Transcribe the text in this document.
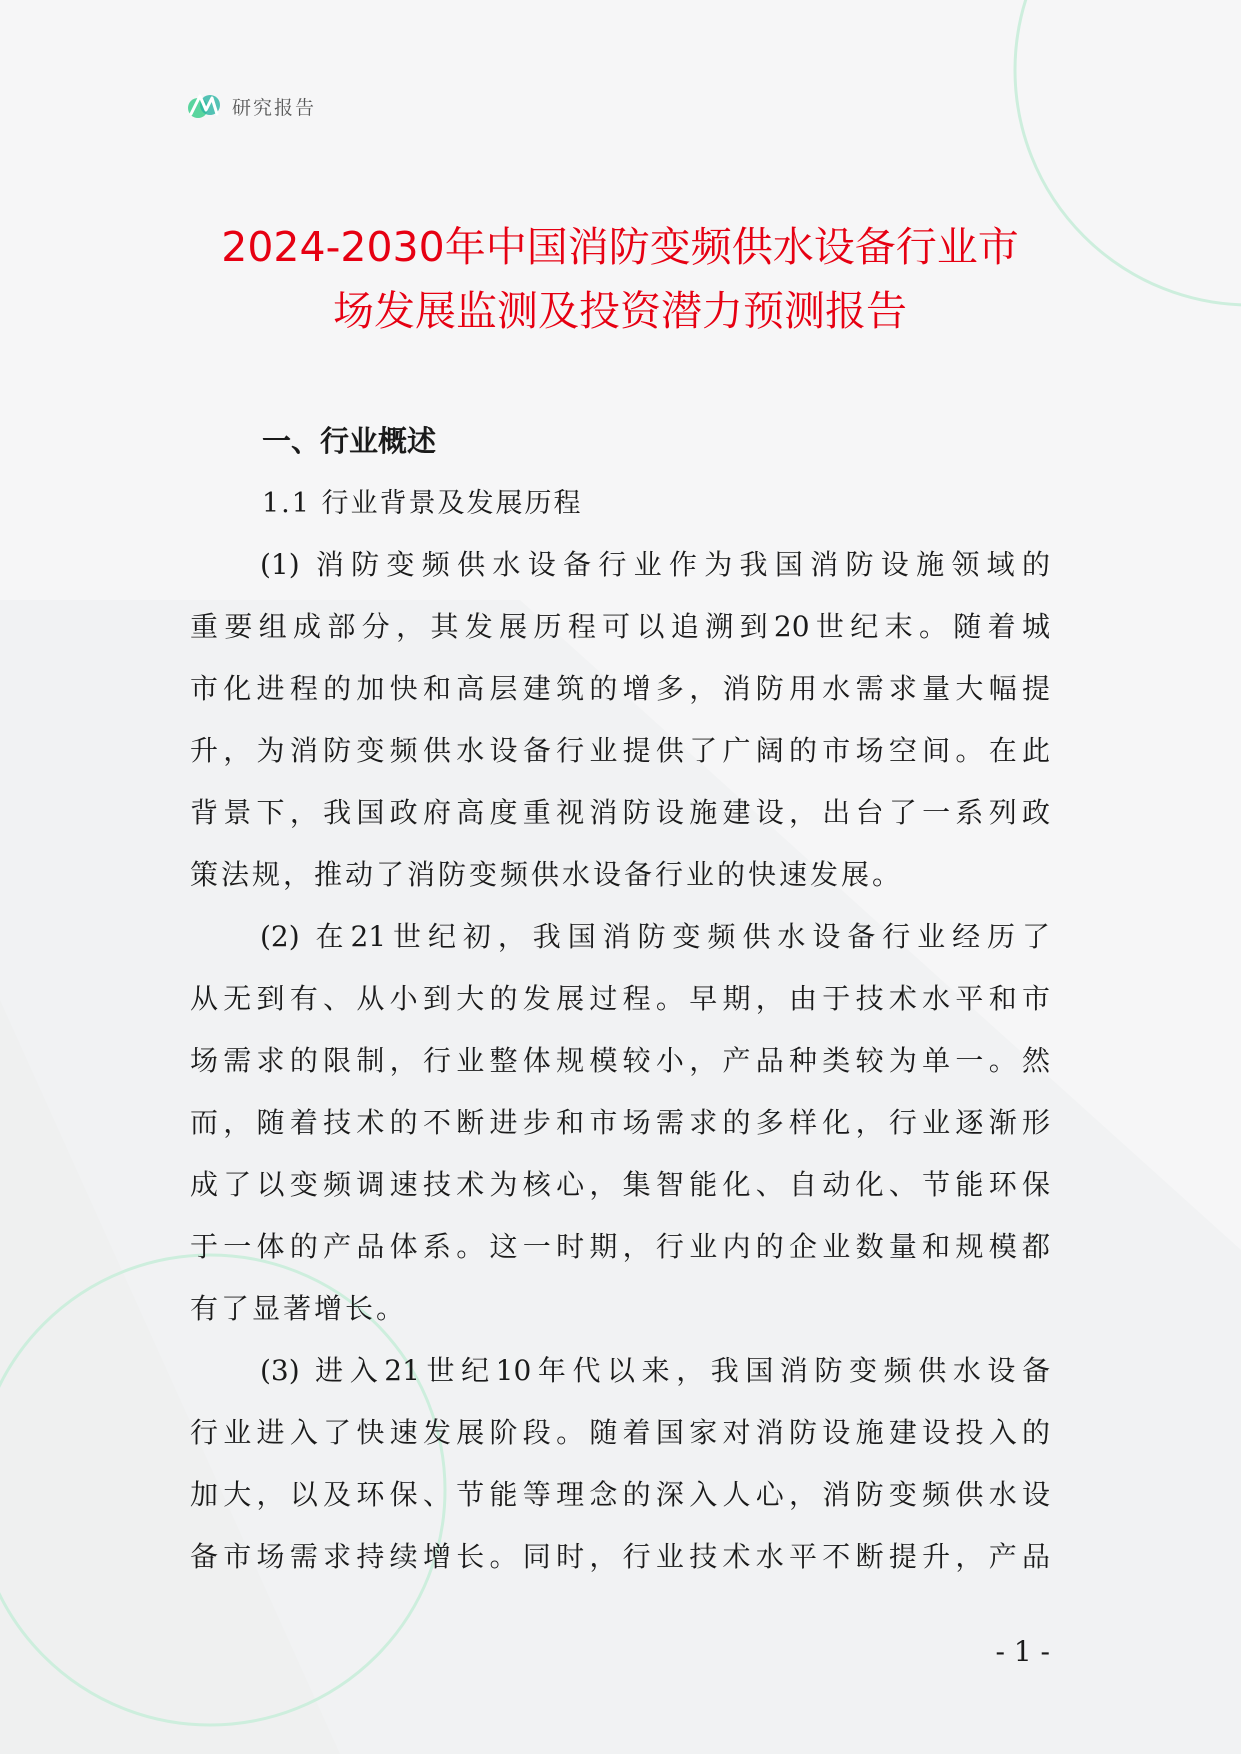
研究报告
2024-2030年中国消防变频供水设备行业市
场发展监测及投资潜力预测报告
一、行业概述
1.1 行业背景及发展历程
(1) 消防变频供水设备行业作为我国消防设施领域的
重要组成部分，其发展历程可以追溯到20世纪末。随着城
市化进程的加快和高层建筑的增多，消防用水需求量大幅提
升，为消防变频供水设备行业提供了广阔的市场空间。在此
背景下，我国政府高度重视消防设施建设，出台了一系列政
策法规，推动了消防变频供水设备行业的快速发展。
(2) 在21世纪初，我国消防变频供水设备行业经历了
从无到有、从小到大的发展过程。早期，由于技术水平和市
场需求的限制，行业整体规模较小，产品种类较为单一。然
而，随着技术的不断进步和市场需求的多样化，行业逐渐形
成了以变频调速技术为核心，集智能化、自动化、节能环保
于一体的产品体系。这一时期，行业内的企业数量和规模都
有了显著增长。
(3) 进入21世纪10年代以来，我国消防变频供水设备
行业进入了快速发展阶段。随着国家对消防设施建设投入的
加大，以及环保、节能等理念的深入人心，消防变频供水设
备市场需求持续增长。同时，行业技术水平不断提升，产品
- 1 -
